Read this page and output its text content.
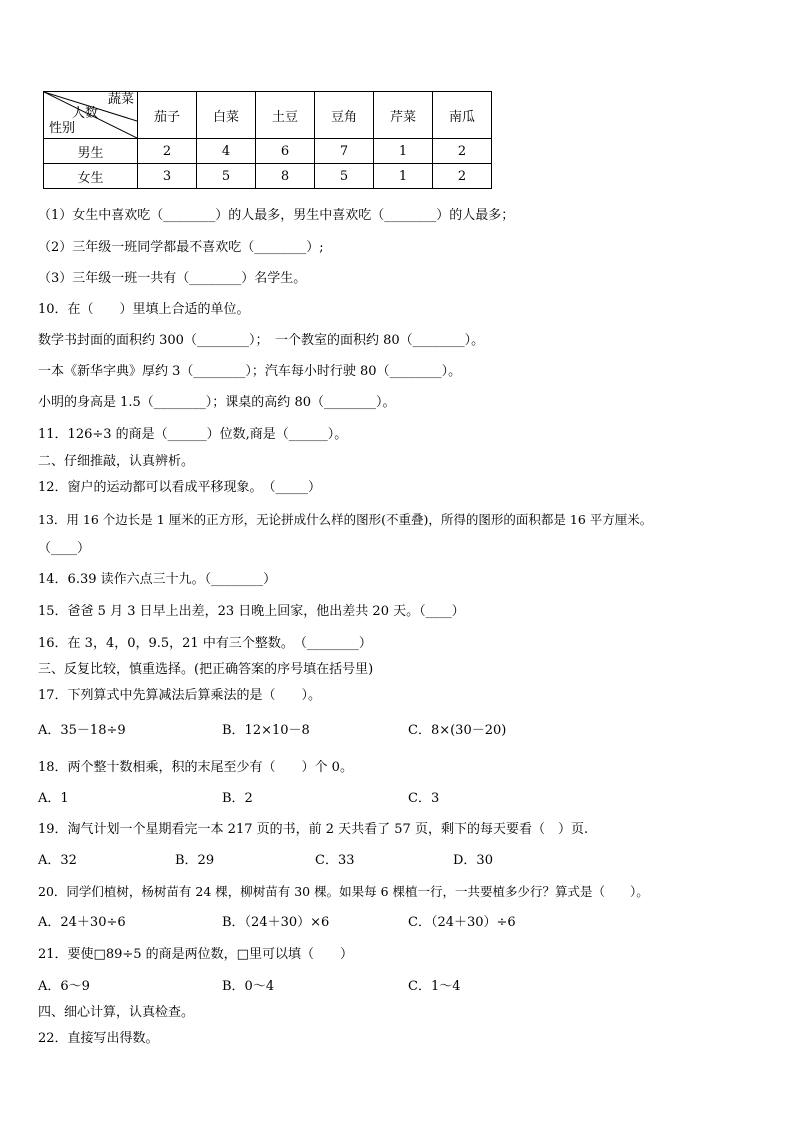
蔬菜
人数
性别	茄子	白菜	土豆	豆角	芹菜	南瓜
男生	2	4	6	7	1	2
女生	3	5	8	5	1	2
（1）女生中喜欢吃（________）的人最多，男生中喜欢吃（________）的人最多；
（2）三年级一班同学都最不喜欢吃（________）;
（3）三年级一班一共有（________）名学生。
10．在（　　）里填上合适的单位。
数学书封面的面积约 300（________）；　一个教室的面积约 80（________）。
一本《新华字典》厚约 3（________）；汽车每小时行驶 80（________）。
小明的身高是 1.5（________）；课桌的高约 80（________）。
11．126÷3 的商是（______）位数,商是（______）。
二、仔细推敲，认真辨析。
12．窗户的运动都可以看成平移现象。　（_____）
13．用 16 个边长是 1 厘米的正方形，无论拼成什么样的图形(不重叠)，所得的图形的面积都是 16 平方厘米。
（____）
14．6.39 读作六点三十九。（________）
15．爸爸 5 月 3 日早上出差，23 日晚上回家，他出差共 20 天。（____）
16．在 3，4，0，9.5，21 中有三个整数。　（________）
三、反复比较，慎重选择。(把正确答案的序号填在括号里)
17．下列算式中先算减法后算乘法的是（　　）。
A．35－18÷9	B．12×10－8	C．8×(30－20)
18．两个整十数相乘，积的末尾至少有（　　）个 0。
A．1	B．2	C．3
19．淘气计划一个星期看完一本 217 页的书，前 2 天共看了 57 页，剩下的每天要看（　）页.
A．32	B．29	C．33	D．30
20．同学们植树，杨树苗有 24 棵，柳树苗有 30 棵。如果每 6 棵植一行，一共要植多少行？算式是（　　）。
A．24＋30÷6	B．（24＋30）×6	C．（24＋30）÷6
21．要使□89÷5 的商是两位数，□里可以填（　　）
A．6～9	B．0～4	C．1～4
四、细心计算，认真检查。
22．直接写出得数。
